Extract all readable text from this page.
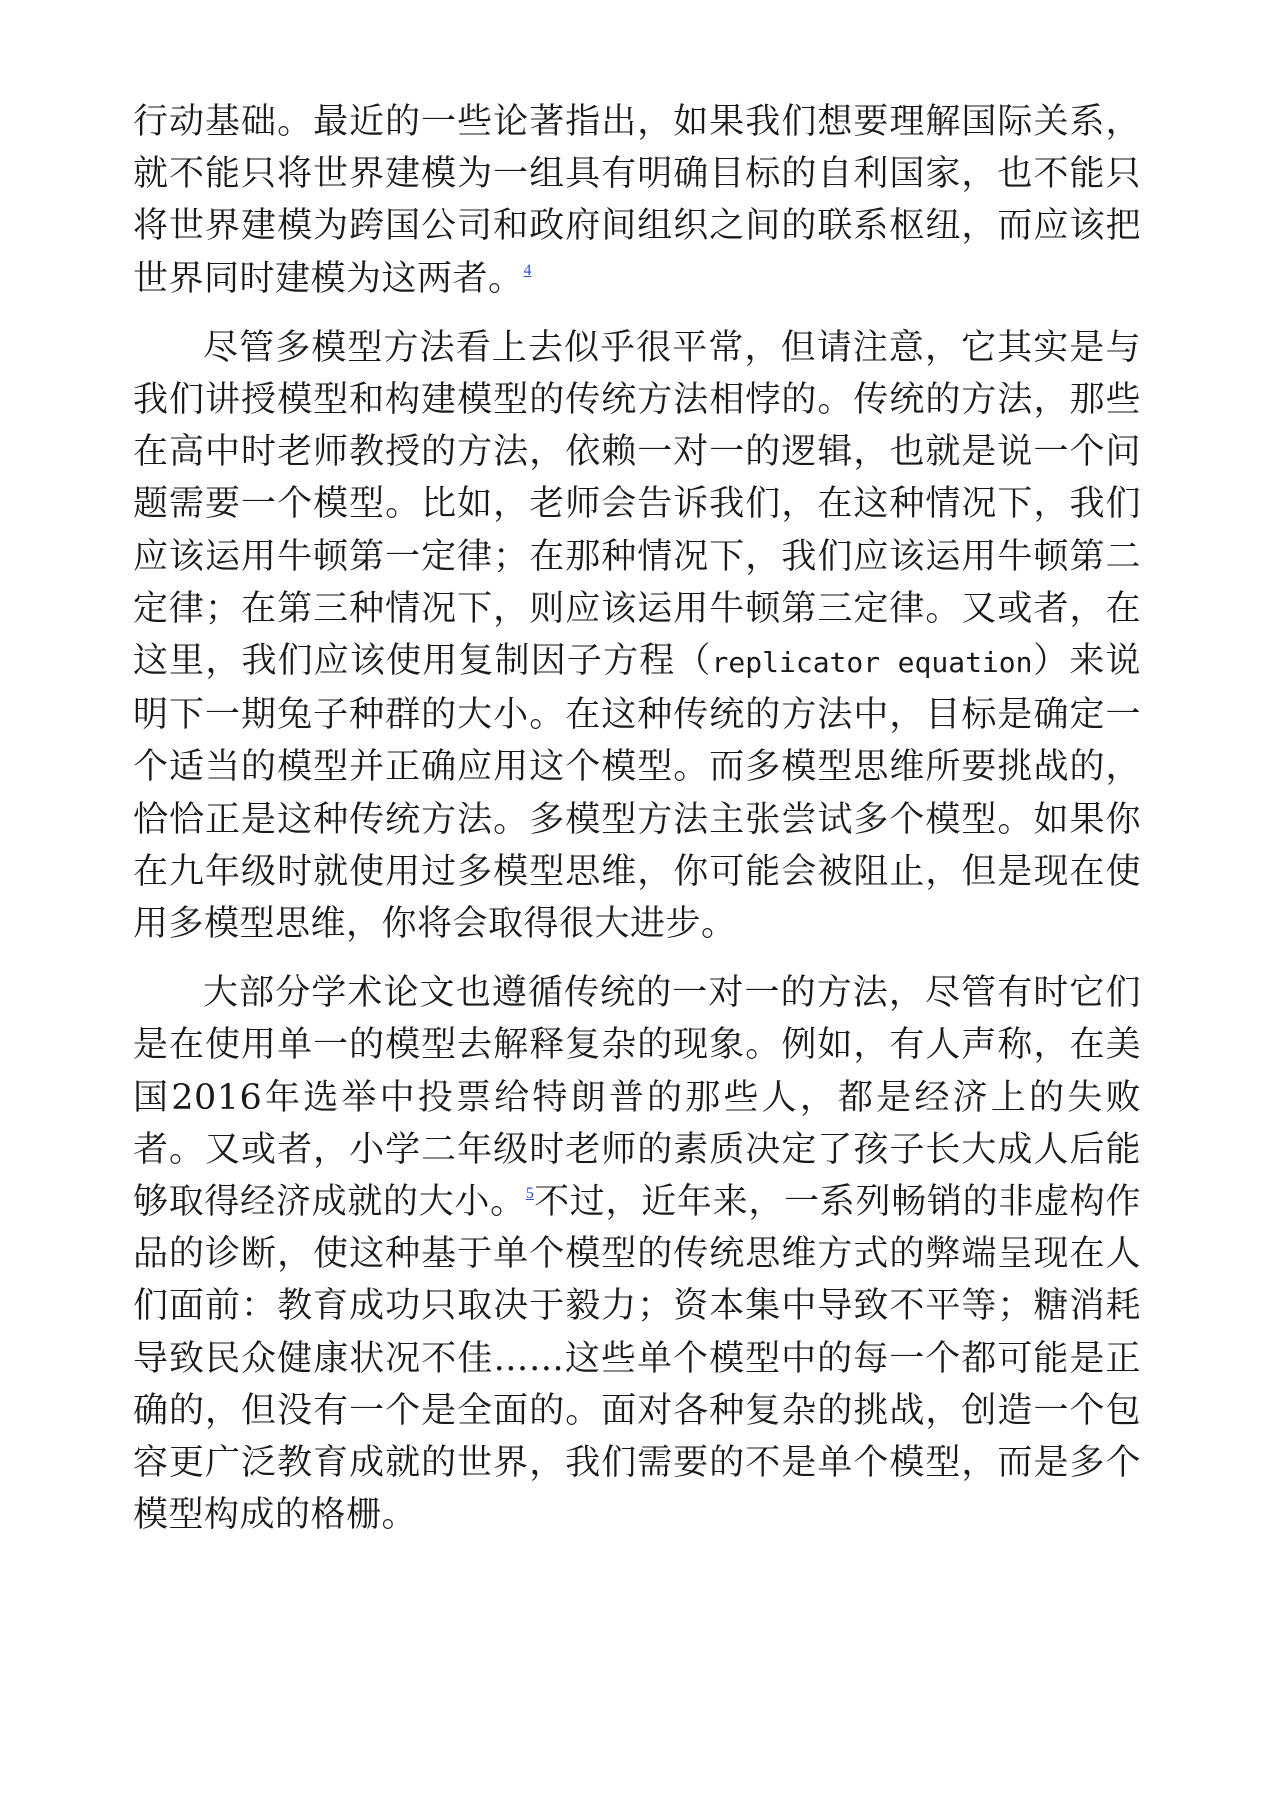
行动基础。最近的一些论著指出，如果我们想要理解国际关系，就不能只将世界建模为一组具有明确目标的自利国家，也不能只将世界建模为跨国公司和政府间组织之间的联系枢纽，而应该把世界同时建模为这两者。$^4$

尽管多模型方法看上去似乎很平常，但请注意，它其实是与我们讲授模型和构建模型的传统方法相悖的。传统的方法，那些在高中时老师教授的方法，依赖一对一的逻辑，也就是说一个问题需要一个模型。比如，老师会告诉我们，在这种情况下，我们应该运用牛顿第一定律；在那种情况下，我们应该运用牛顿第二定律；在第三种情况下，则应该运用牛顿第三定律。又或者，在这里，我们应该使用复制因子方程（replicator equation）来说明下一期兔子种群的大小。在这种传统的方法中，目标是确定一个适当的模型并正确应用这个模型。而多模型思维所要挑战的，恰恰正是这种传统方法。多模型方法主张尝试多个模型。如果你在九年级时就使用过多模型思维，你可能会被阻止，但是现在使用多模型思维，你将会取得很大进步。

大部分学术论文也遵循传统的一对一的方法，尽管有时它们是在使用单一的模型去解释复杂的现象。例如，有人声称，在美国2016年选举中投票给特朗普的那些人，都是经济上的失败者。又或者，小学二年级时老师的素质决定了孩子长大成人后能够取得经济成就的大小。$^5$不过，近年来，一系列畅销的非虚构作品的诊断，使这种基于单个模型的传统思维方式的弊端呈现在人们面前：教育成功只取决于毅力；资本集中导致不平等；糖消耗导致民众健康状况不佳……这些单个模型中的每一个都可能是正确的，但没有一个是全面的。面对各种复杂的挑战，创造一个包容更广泛教育成就的世界，我们需要的不是单个模型，而是多个模型构成的格栅。
